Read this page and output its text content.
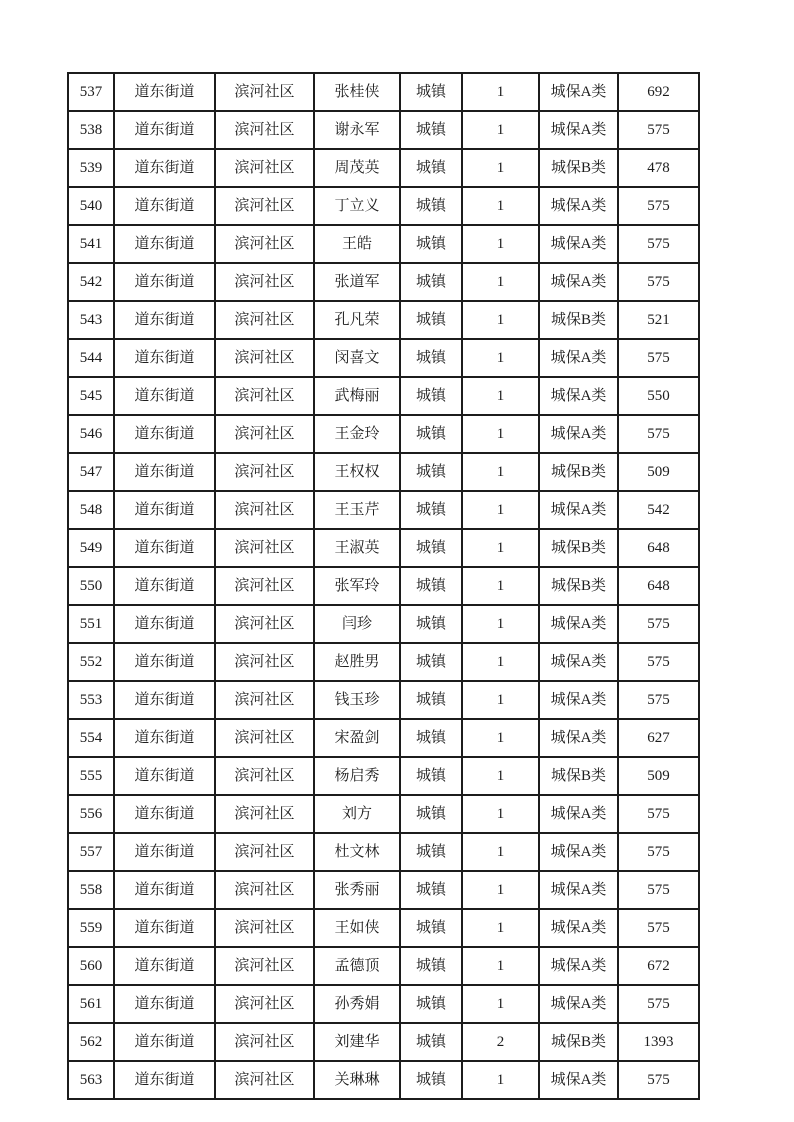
537	道东街道	滨河社区	张桂侠	城镇	1	城保A类	692
538	道东街道	滨河社区	谢永军	城镇	1	城保A类	575
539	道东街道	滨河社区	周茂英	城镇	1	城保B类	478
540	道东街道	滨河社区	丁立义	城镇	1	城保A类	575
541	道东街道	滨河社区	王皓	城镇	1	城保A类	575
542	道东街道	滨河社区	张道军	城镇	1	城保A类	575
543	道东街道	滨河社区	孔凡荣	城镇	1	城保B类	521
544	道东街道	滨河社区	闵喜文	城镇	1	城保A类	575
545	道东街道	滨河社区	武梅丽	城镇	1	城保A类	550
546	道东街道	滨河社区	王金玲	城镇	1	城保A类	575
547	道东街道	滨河社区	王权权	城镇	1	城保B类	509
548	道东街道	滨河社区	王玉芹	城镇	1	城保A类	542
549	道东街道	滨河社区	王淑英	城镇	1	城保B类	648
550	道东街道	滨河社区	张军玲	城镇	1	城保B类	648
551	道东街道	滨河社区	闫珍	城镇	1	城保A类	575
552	道东街道	滨河社区	赵胜男	城镇	1	城保A类	575
553	道东街道	滨河社区	钱玉珍	城镇	1	城保A类	575
554	道东街道	滨河社区	宋盈剑	城镇	1	城保A类	627
555	道东街道	滨河社区	杨启秀	城镇	1	城保B类	509
556	道东街道	滨河社区	刘方	城镇	1	城保A类	575
557	道东街道	滨河社区	杜文林	城镇	1	城保A类	575
558	道东街道	滨河社区	张秀丽	城镇	1	城保A类	575
559	道东街道	滨河社区	王如侠	城镇	1	城保A类	575
560	道东街道	滨河社区	孟德顶	城镇	1	城保A类	672
561	道东街道	滨河社区	孙秀娟	城镇	1	城保A类	575
562	道东街道	滨河社区	刘建华	城镇	2	城保B类	1393
563	道东街道	滨河社区	关琳琳	城镇	1	城保A类	575
